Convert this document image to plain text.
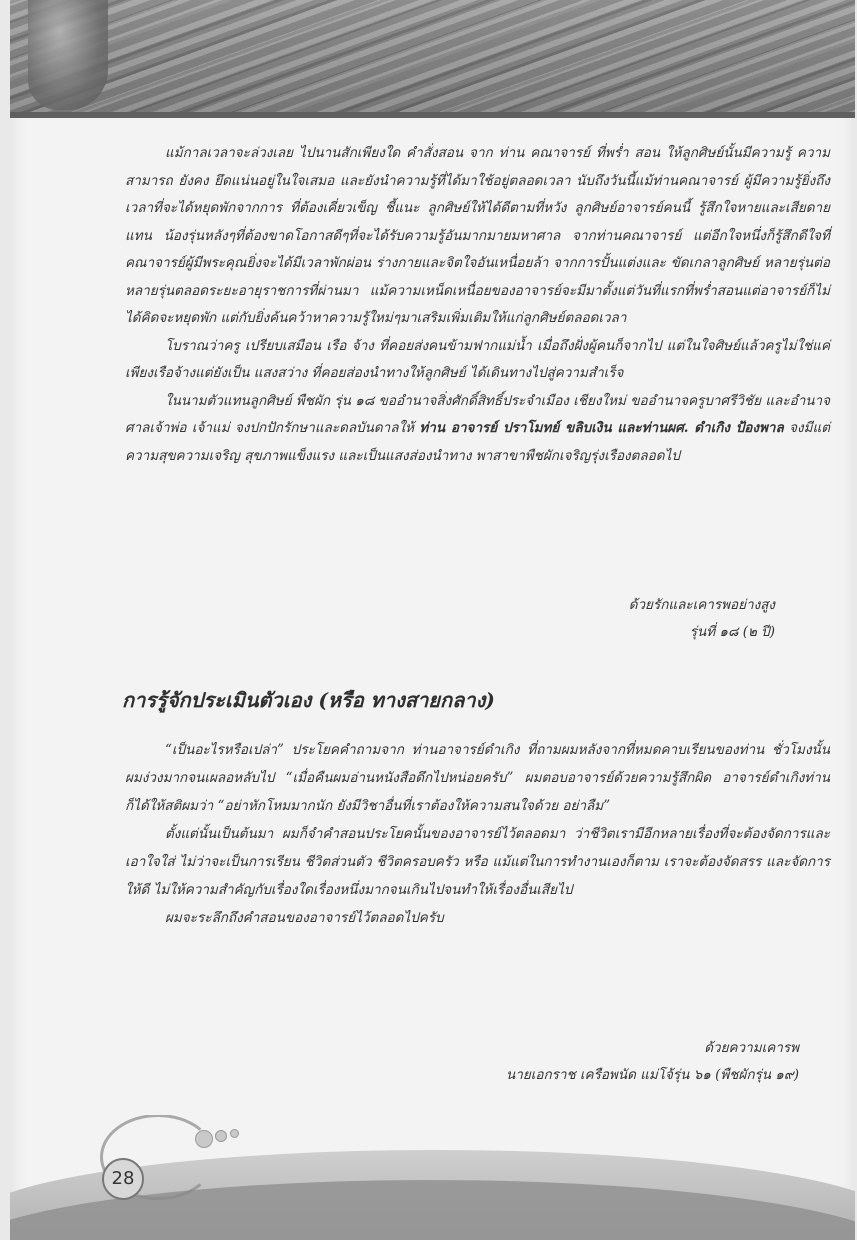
แม้กาลเวลาจะล่วงเลย ไปนานสักเพียงใด คำสั่งสอน จาก ท่าน คณาจารย์ ที่พร่ำ สอน ให้ลูกศิษย์นั้นมีความรู้ ความสามารถ ยังคง ยึดแน่นอยู่ในใจเสมอ และยังนำความรู้ที่ได้มาใช้อยู่ตลอดเวลา นับถึงวันนี้แม้ท่านคณาจารย์ ผู้มีความรู้ยิ่งถึงเวลาที่จะได้หยุดพักจากการ ที่ต้องเคี่ยวเข็ญ ชี้แนะ ลูกศิษย์ให้ได้ดีตามที่หวัง ลูกศิษย์อาจารย์คนนี้ รู้สึกใจหายและเสียดาย แทน น้องรุ่นหลังๆที่ต้องขาดโอกาสดีๆที่จะได้รับความรู้อันมากมายมหาศาล จากท่านคณาจารย์ แต่อีกใจหนึ่งก็รู้สึกดีใจที่คณาจารย์ผู้มีพระคุณยิ่งจะได้มีเวลาพักผ่อน ร่างกายและจิตใจอันเหนื่อยล้า จากการปั้นแต่งและ ขัดเกลาลูกศิษย์ หลายรุ่นต่อหลายรุ่นตลอดระยะอายุราชการที่ผ่านมา แม้ความเหน็ดเหนื่อยของอาจารย์จะมีมาตั้งแต่วันที่แรกที่พร่ำสอนแต่อาจารย์ก็ไม่ได้คิดจะหยุดพัก แต่กับยิ่งค้นคว้าหาความรู้ใหม่ๆมาเสริมเพิ่มเติมให้แก่ลูกศิษย์ตลอดเวลา

โบราณว่าครู เปรียบเสมือน เรือ จ้าง ที่คอยส่งคนข้ามฟากแม่น้ำ เมื่อถึงฝั่งผู้คนก็จากไป แต่ในใจศิษย์แล้วครูไม่ใช่แค่ เพียงเรือจ้างแต่ยังเป็น แสงสว่าง ที่คอยส่องนำทางให้ลูกศิษย์ ได้เดินทางไปสู่ความสำเร็จ

ในนามตัวแทนลูกศิษย์ พืชผัก รุ่น ๑๘ ขออำนาจสิ่งศักดิ์สิทธิ์ประจำเมือง เชียงใหม่ ขออำนาจครูบาศรีวิชัย และอำนาจ ศาลเจ้าพ่อ เจ้าแม่ จงปกปักรักษาและดลบันดาลให้ ท่าน อาจารย์ ปราโมทย์ ขลิบเงิน และท่านผศ. ดำเกิง ป้องพาล จงมีแต่ความสุขความเจริญ สุขภาพแข็งแรง และเป็นแสงส่องนำทาง พาสาขาพืชผักเจริญรุ่งเรืองตลอดไป

ด้วยรักและเคารพอย่างสูง
รุ่นที่ ๑๘ (๒ ปี)
การรู้จักประเมินตัวเอง (หรือ ทางสายกลาง)

“เป็นอะไรหรือเปล่า” ประโยคคำถามจาก ท่านอาจารย์ดำเกิง ที่ถามผมหลังจากที่หมดคาบเรียนของท่าน ชั่วโมงนั้นผมง่วงมากจนเผลอหลับไป “เมื่อคืนผมอ่านหนังสือดึกไปหน่อยครับ” ผมตอบอาจารย์ด้วยความรู้สึกผิด อาจารย์ดำเกิงท่านก็ได้ให้สติผมว่า “อย่าหักโหมมากนัก ยังมีวิชาอื่นที่เราต้องให้ความสนใจด้วย อย่าลืม”

ตั้งแต่นั้นเป็นต้นมา ผมก็จำคำสอนประโยคนั้นของอาจารย์ไว้ตลอดมา ว่าชีวิตเรามีอีกหลายเรื่องที่จะต้องจัดการและเอาใจใส่ ไม่ว่าจะเป็นการเรียน ชีวิตส่วนตัว ชีวิตครอบครัว หรือ แม้แต่ในการทำงานเองก็ตาม เราจะต้องจัดสรร และจัดการให้ดี ไม่ให้ความสำคัญกับเรื่องใดเรื่องหนึ่งมากจนเกินไปจนทำให้เรื่องอื่นเสียไป

ผมจะระลึกถึงคำสอนของอาจารย์ไว้ตลอดไปครับ

ด้วยความเคารพ
นายเอกราช เครือพนัด แม่โจ้รุ่น ๖๑ (พืชผักรุ่น ๑๙)
28
